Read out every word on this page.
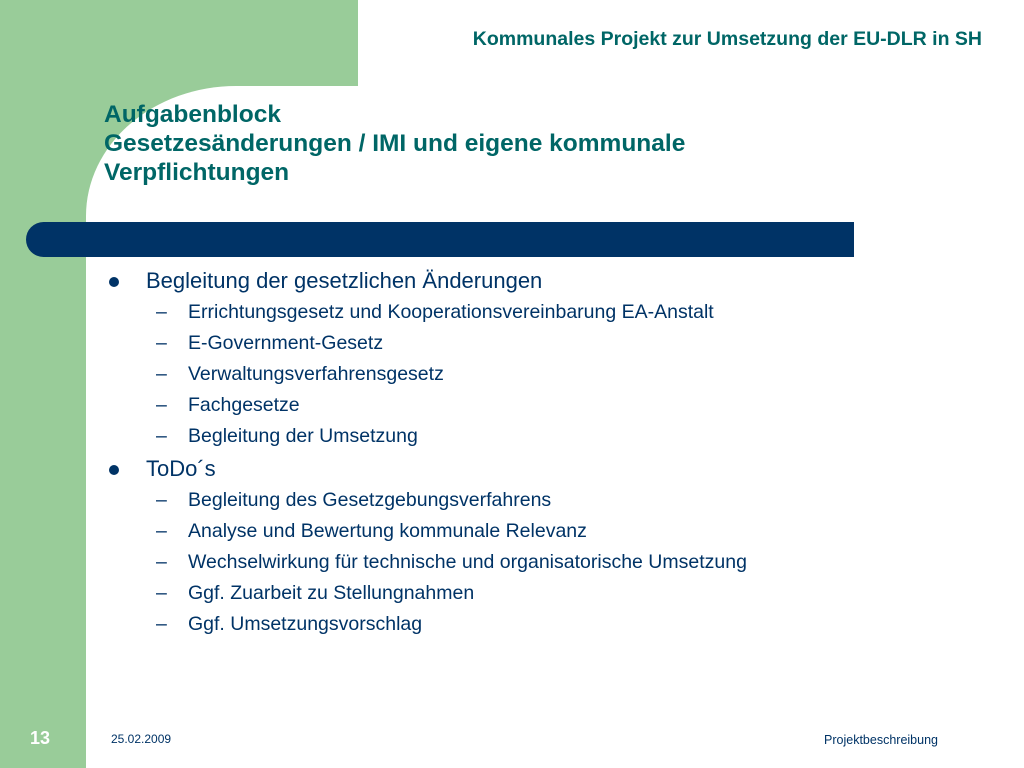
Kommunales Projekt zur Umsetzung der EU-DLR in SH
Aufgabenblock
Gesetzesänderungen / IMI und eigene kommunale
Verpflichtungen
Begleitung der gesetzlichen Änderungen
– Errichtungsgesetz und Kooperationsvereinbarung EA-Anstalt
– E-Government-Gesetz
– Verwaltungsverfahrensgesetz
– Fachgesetze
– Begleitung der Umsetzung
ToDo´s
– Begleitung des Gesetzgebungsverfahrens
– Analyse und Bewertung kommunale Relevanz
– Wechselwirkung für technische und organisatorische Umsetzung
– Ggf. Zuarbeit zu Stellungnahmen
– Ggf. Umsetzungsvorschlag
13	25.02.2009	Projektbeschreibung
